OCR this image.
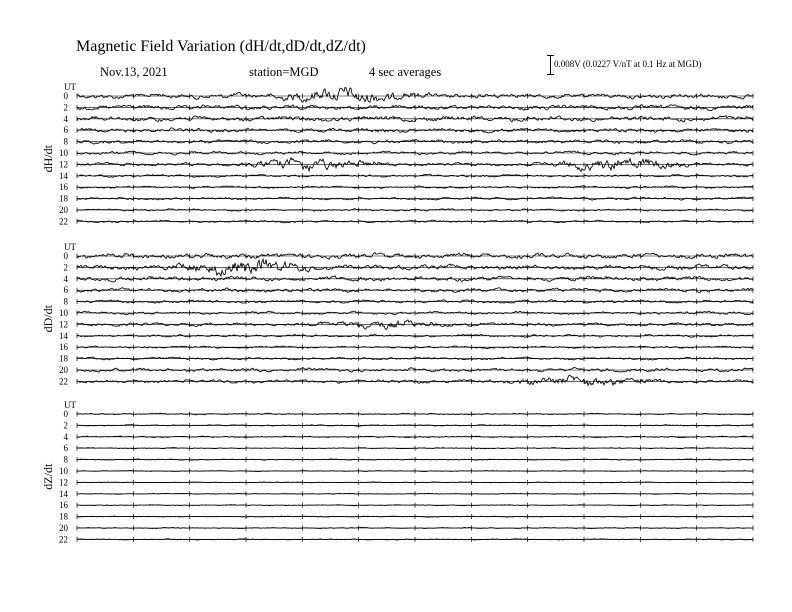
Magnetic Field Variation (dH/dt,dD/dt,dZ/dt)
Nov.13, 2021	station=MGD	4 sec averages
0.008V (0.0227 V/nT at 0.1 Hz at MGD)
UT
dH/dt
0
2
4
6
8
10
12
14
16
18
20
22
UT
dD/dt
0
2
4
6
8
10
12
14
16
18
20
22
UT
dZ/dt
0
2
4
6
8
10
12
14
16
18
20
22
